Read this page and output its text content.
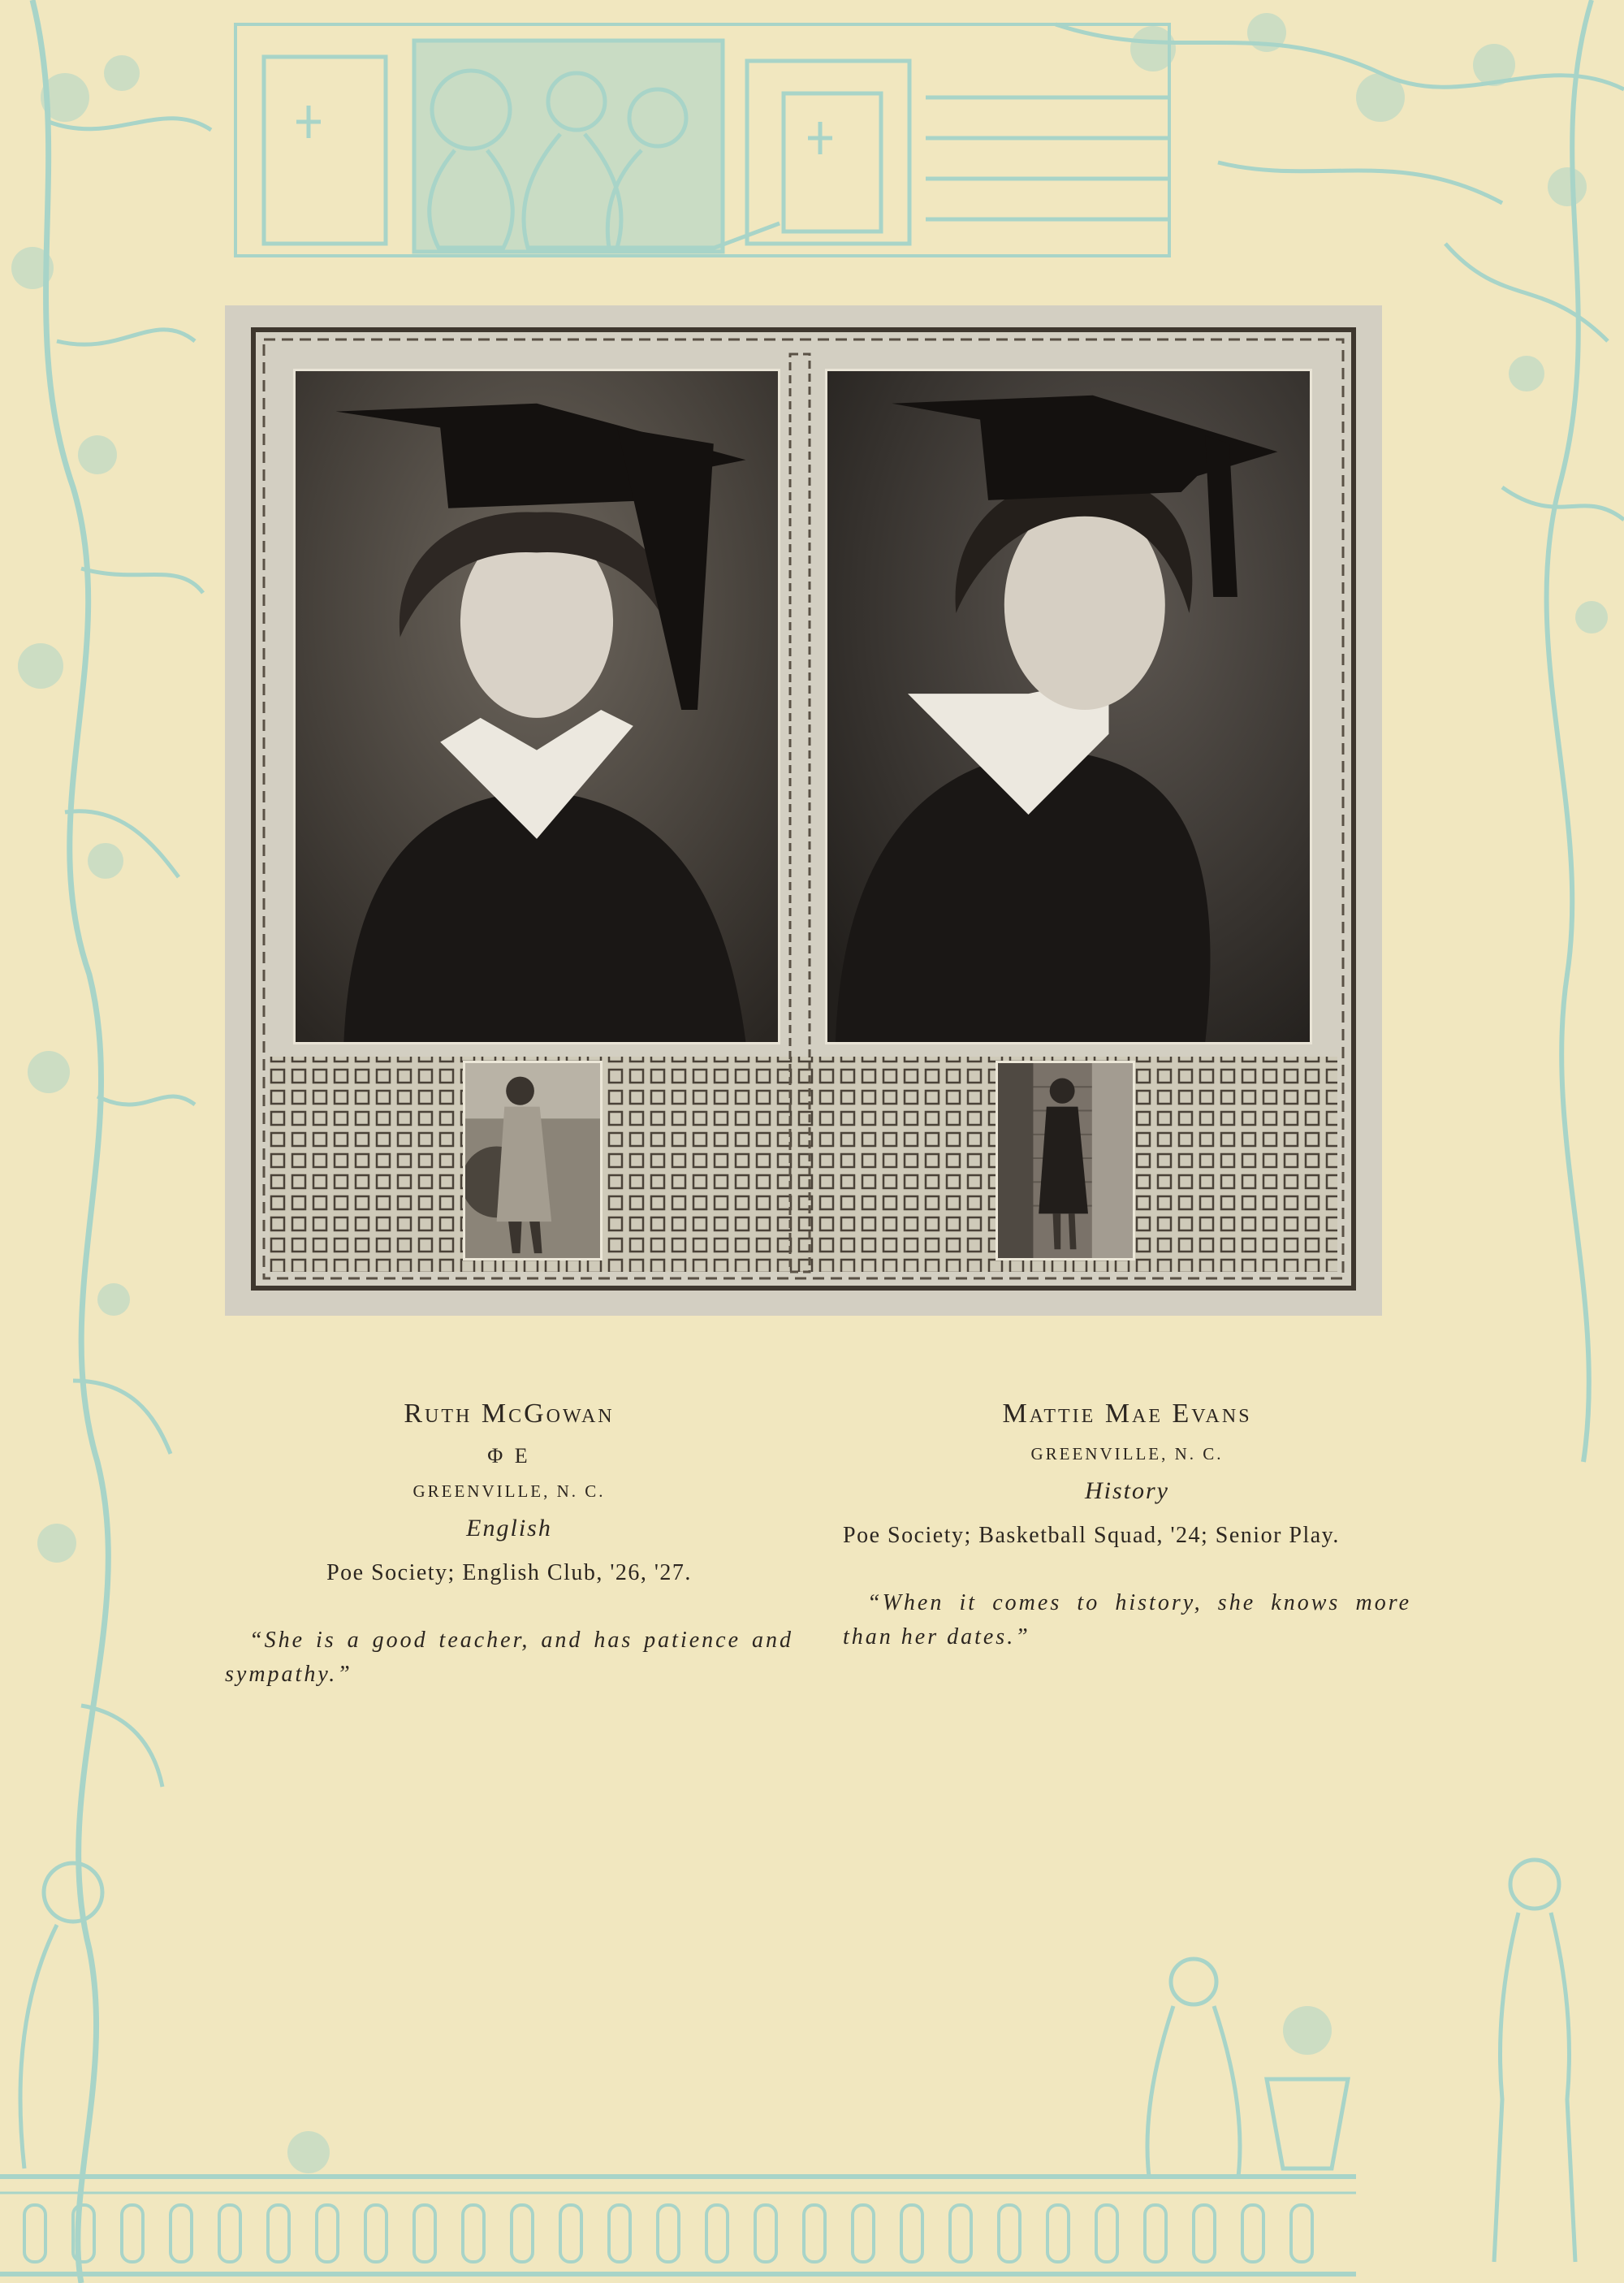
Ruth McGowan
Φ E
GREENVILLE, N. C.
English
Poe Society; English Club, '26, '27.

“She is a good teacher, and has patience and sympathy.”

Mattie Mae Evans
GREENVILLE, N. C.
History
Poe Society; Basketball Squad, '24; Senior Play.

“When it comes to history, she knows more than her dates.”
